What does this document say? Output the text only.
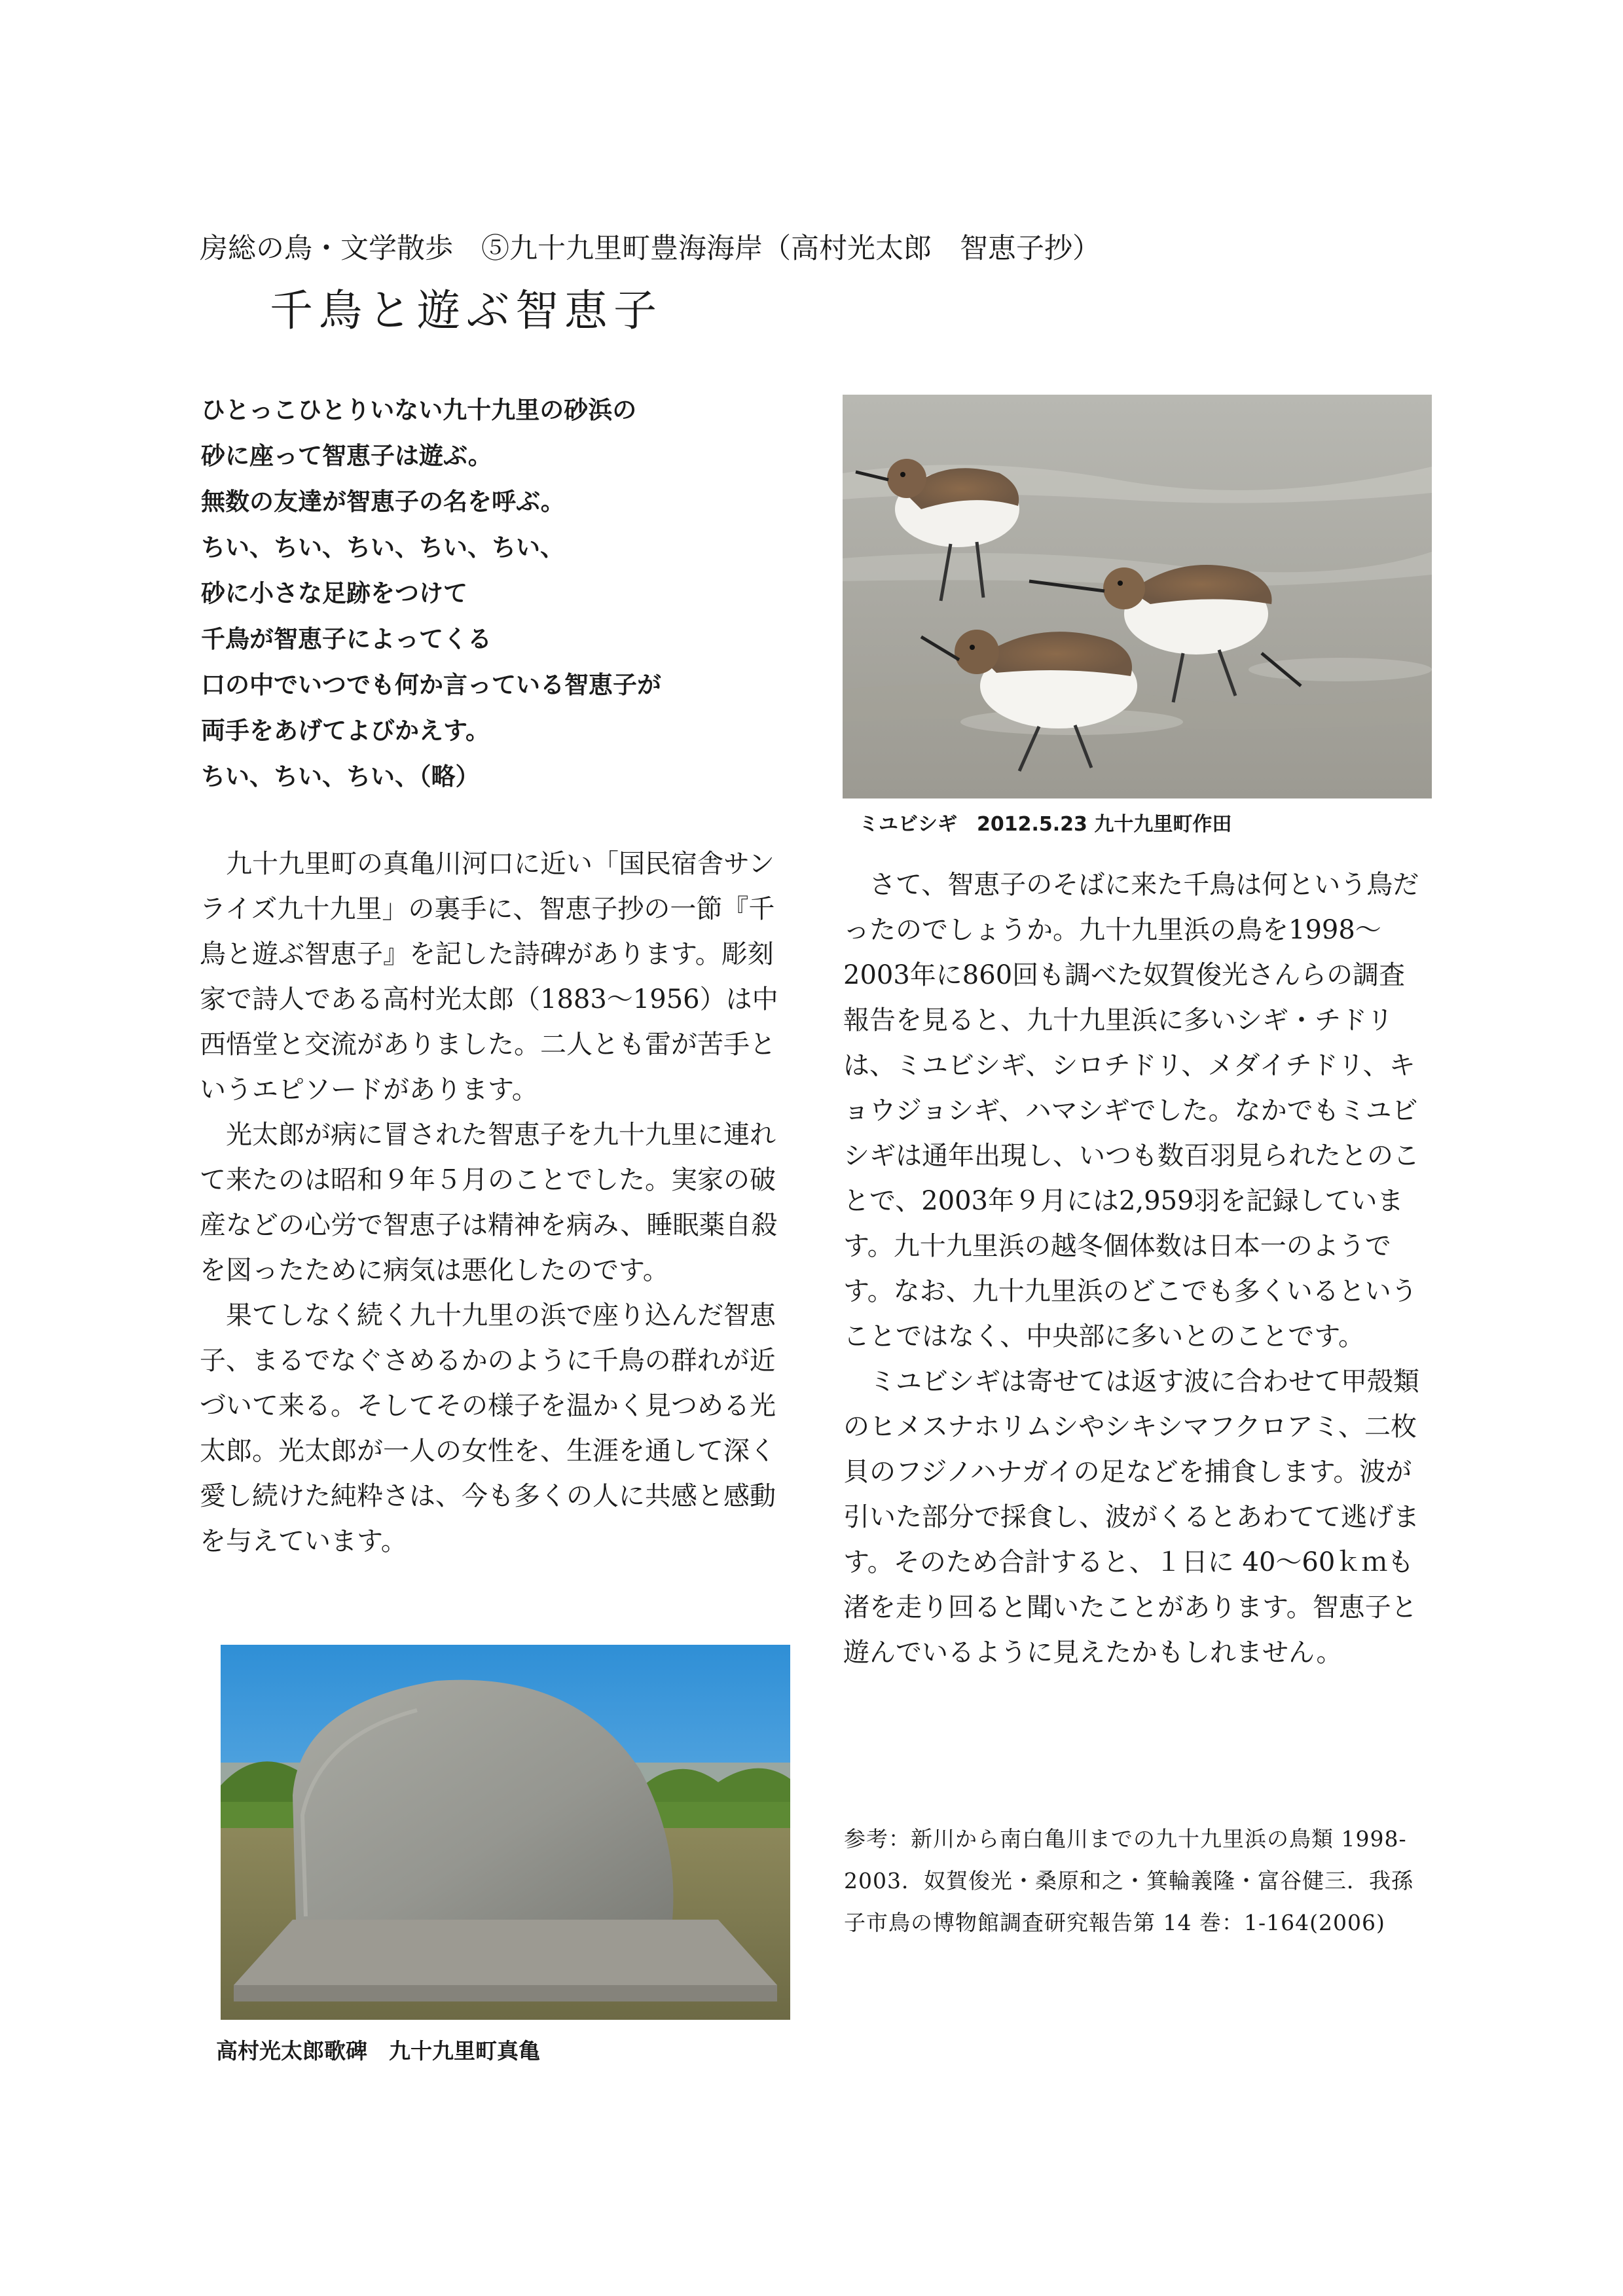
房総の鳥・文学散歩　⑤九十九里町豊海海岸（高村光太郎　智恵子抄）
千鳥と遊ぶ智恵子
ひとっこひとりいない九十九里の砂浜の
砂に座って智恵子は遊ぶ。
無数の友達が智恵子の名を呼ぶ。
ちい、ちい、ちい、ちい、ちい、
砂に小さな足跡をつけて
千鳥が智恵子によってくる
口の中でいつでも何か言っている智恵子が
両手をあげてよびかえす。
ちい、ちい、ちい、（略）

九十九里町の真亀川河口に近い「国民宿舎サンライズ九十九里」の裏手に、智恵子抄の一節『千鳥と遊ぶ智恵子』を記した詩碑があります。彫刻家で詩人である高村光太郎（1883～1956）は中西悟堂と交流がありました。二人とも雷が苦手というエピソードがあります。

光太郎が病に冒された智恵子を九十九里に連れて来たのは昭和９年５月のことでした。実家の破産などの心労で智恵子は精神を病み、睡眠薬自殺を図ったために病気は悪化したのです。

果てしなく続く九十九里の浜で座り込んだ智恵子、まるでなぐさめるかのように千鳥の群れが近づいて来る。そしてその様子を温かく見つめる光太郎。光太郎が一人の女性を、生涯を通して深く愛し続けた純粋さは、今も多くの人に共感と感動を与えています。

ミユビシギ　2012.5.23 九十九里町作田

さて、智恵子のそばに来た千鳥は何という鳥だったのでしょうか。九十九里浜の鳥を1998～2003年に860回も調べた奴賀俊光さんらの調査報告を見ると、九十九里浜に多いシギ・チドリは、ミユビシギ、シロチドリ、メダイチドリ、キョウジョシギ、ハマシギでした。なかでもミユビシギは通年出現し、いつも数百羽見られたとのことで、2003年９月には2,959羽を記録しています。九十九里浜の越冬個体数は日本一のようです。なお、九十九里浜のどこでも多くいるということではなく、中央部に多いとのことです。

ミユビシギは寄せては返す波に合わせて甲殻類のヒメスナホリムシやシキシマフクロアミ、二枚貝のフジノハナガイの足などを捕食します。波が引いた部分で採食し、波がくるとあわてて逃げます。そのため合計すると、１日に 40～60ｋｍも渚を走り回ると聞いたことがあります。智恵子と遊んでいるように見えたかもしれません。

高村光太郎歌碑　九十九里町真亀
参考：新川から南白亀川までの九十九里浜の鳥類 1998-2003．奴賀俊光・桑原和之・箕輪義隆・富谷健三．我孫子市鳥の博物館調査研究報告第 14 巻：1-164(2006)
